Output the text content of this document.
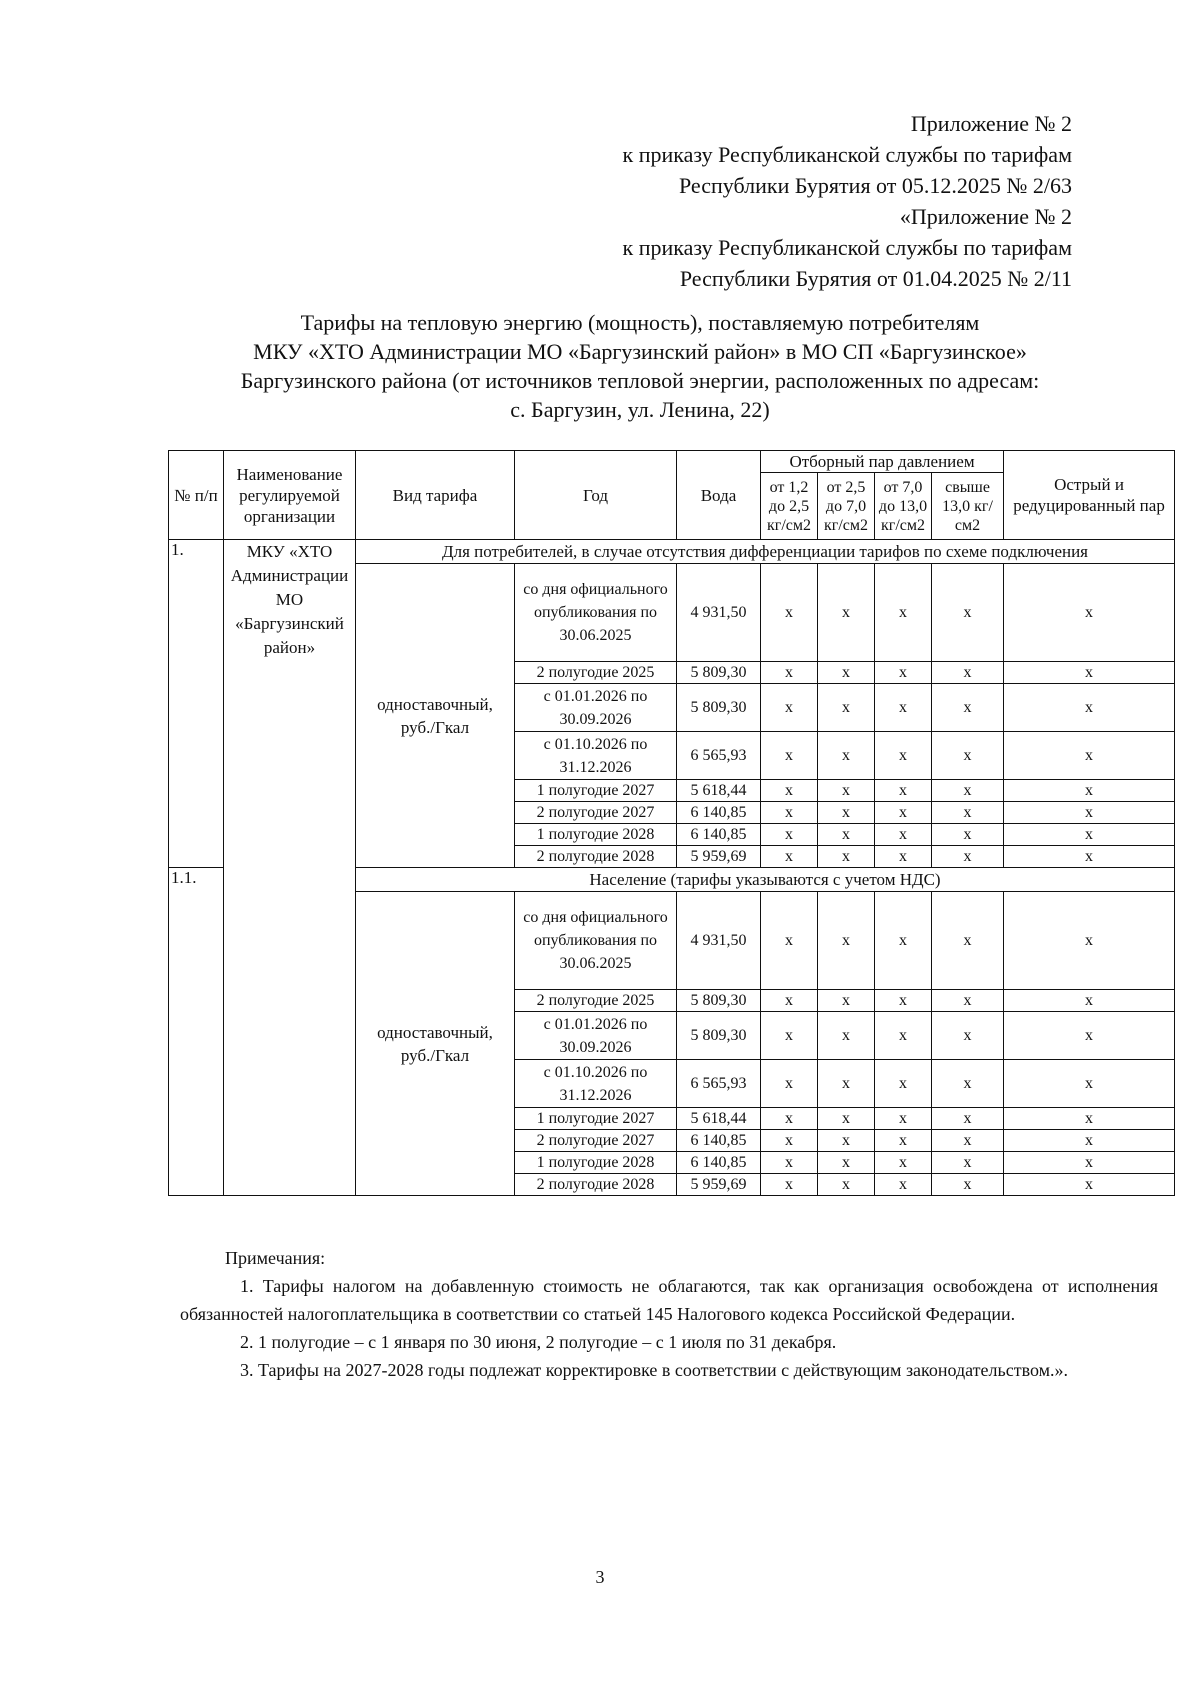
Приложение № 2
к приказу Республиканской службы по тарифам
Республики Бурятия от 05.12.2025 № 2/63
«Приложение № 2
к приказу Республиканской службы по тарифам
Республики Бурятия от 01.04.2025 № 2/11
Тарифы на тепловую энергию (мощность), поставляемую потребителям
МКУ «ХТО Администрации МО «Баргузинский район» в МО СП «Баргузинское»
Баргузинского района (от источников тепловой энергии, расположенных по адресам:
с. Баргузин, ул. Ленина, 22)
№ п/п	Наименование регулируемой организации	Вид тарифа	Год	Вода	Отборный пар давлением				Острый и редуцированный пар
					от 1,2 до 2,5 кг/см2	от 2,5 до 7,0 кг/см2	от 7,0 до 13,0 кг/см2	свыше 13,0 кг/см2	
1.	МКУ «ХТО Администрации МО «Баргузинский район»	Для потребителей, в случае отсутствия дифференциации тарифов по схеме подключения							
		одноставочный, руб./Гкал	со дня официального опубликования по 30.06.2025	4 931,50	х	х	х	х	х
			2 полугодие 2025	5 809,30	х	х	х	х	х
			с 01.01.2026 по 30.09.2026	5 809,30	х	х	х	х	х
			с 01.10.2026 по 31.12.2026	6 565,93	х	х	х	х	х
			1 полугодие 2027	5 618,44	х	х	х	х	х
			2 полугодие 2027	6 140,85	х	х	х	х	х
			1 полугодие 2028	6 140,85	х	х	х	х	х
			2 полугодие 2028	5 959,69	х	х	х	х	х
1.1.		Население (тарифы указываются с учетом НДС)							
		одноставочный, руб./Гкал	со дня официального опубликования по 30.06.2025	4 931,50	х	х	х	х	х
			2 полугодие 2025	5 809,30	х	х	х	х	х
			с 01.01.2026 по 30.09.2026	5 809,30	х	х	х	х	х
			с 01.10.2026 по 31.12.2026	6 565,93	х	х	х	х	х
			1 полугодие 2027	5 618,44	х	х	х	х	х
			2 полугодие 2027	6 140,85	х	х	х	х	х
			1 полугодие 2028	6 140,85	х	х	х	х	х
			2 полугодие 2028	5 959,69	х	х	х	х	х

Примечания:

1. Тарифы налогом на добавленную стоимость не облагаются, так как организация освобождена от исполнения обязанностей налогоплательщика в соответствии со статьей 145 Налогового кодекса Российской Федерации.

2. 1 полугодие – с 1 января по 30 июня, 2 полугодие – с 1 июля по 31 декабря.

3. Тарифы на 2027-2028 годы подлежат корректировке в соответствии с действующим законодательством.».

3
